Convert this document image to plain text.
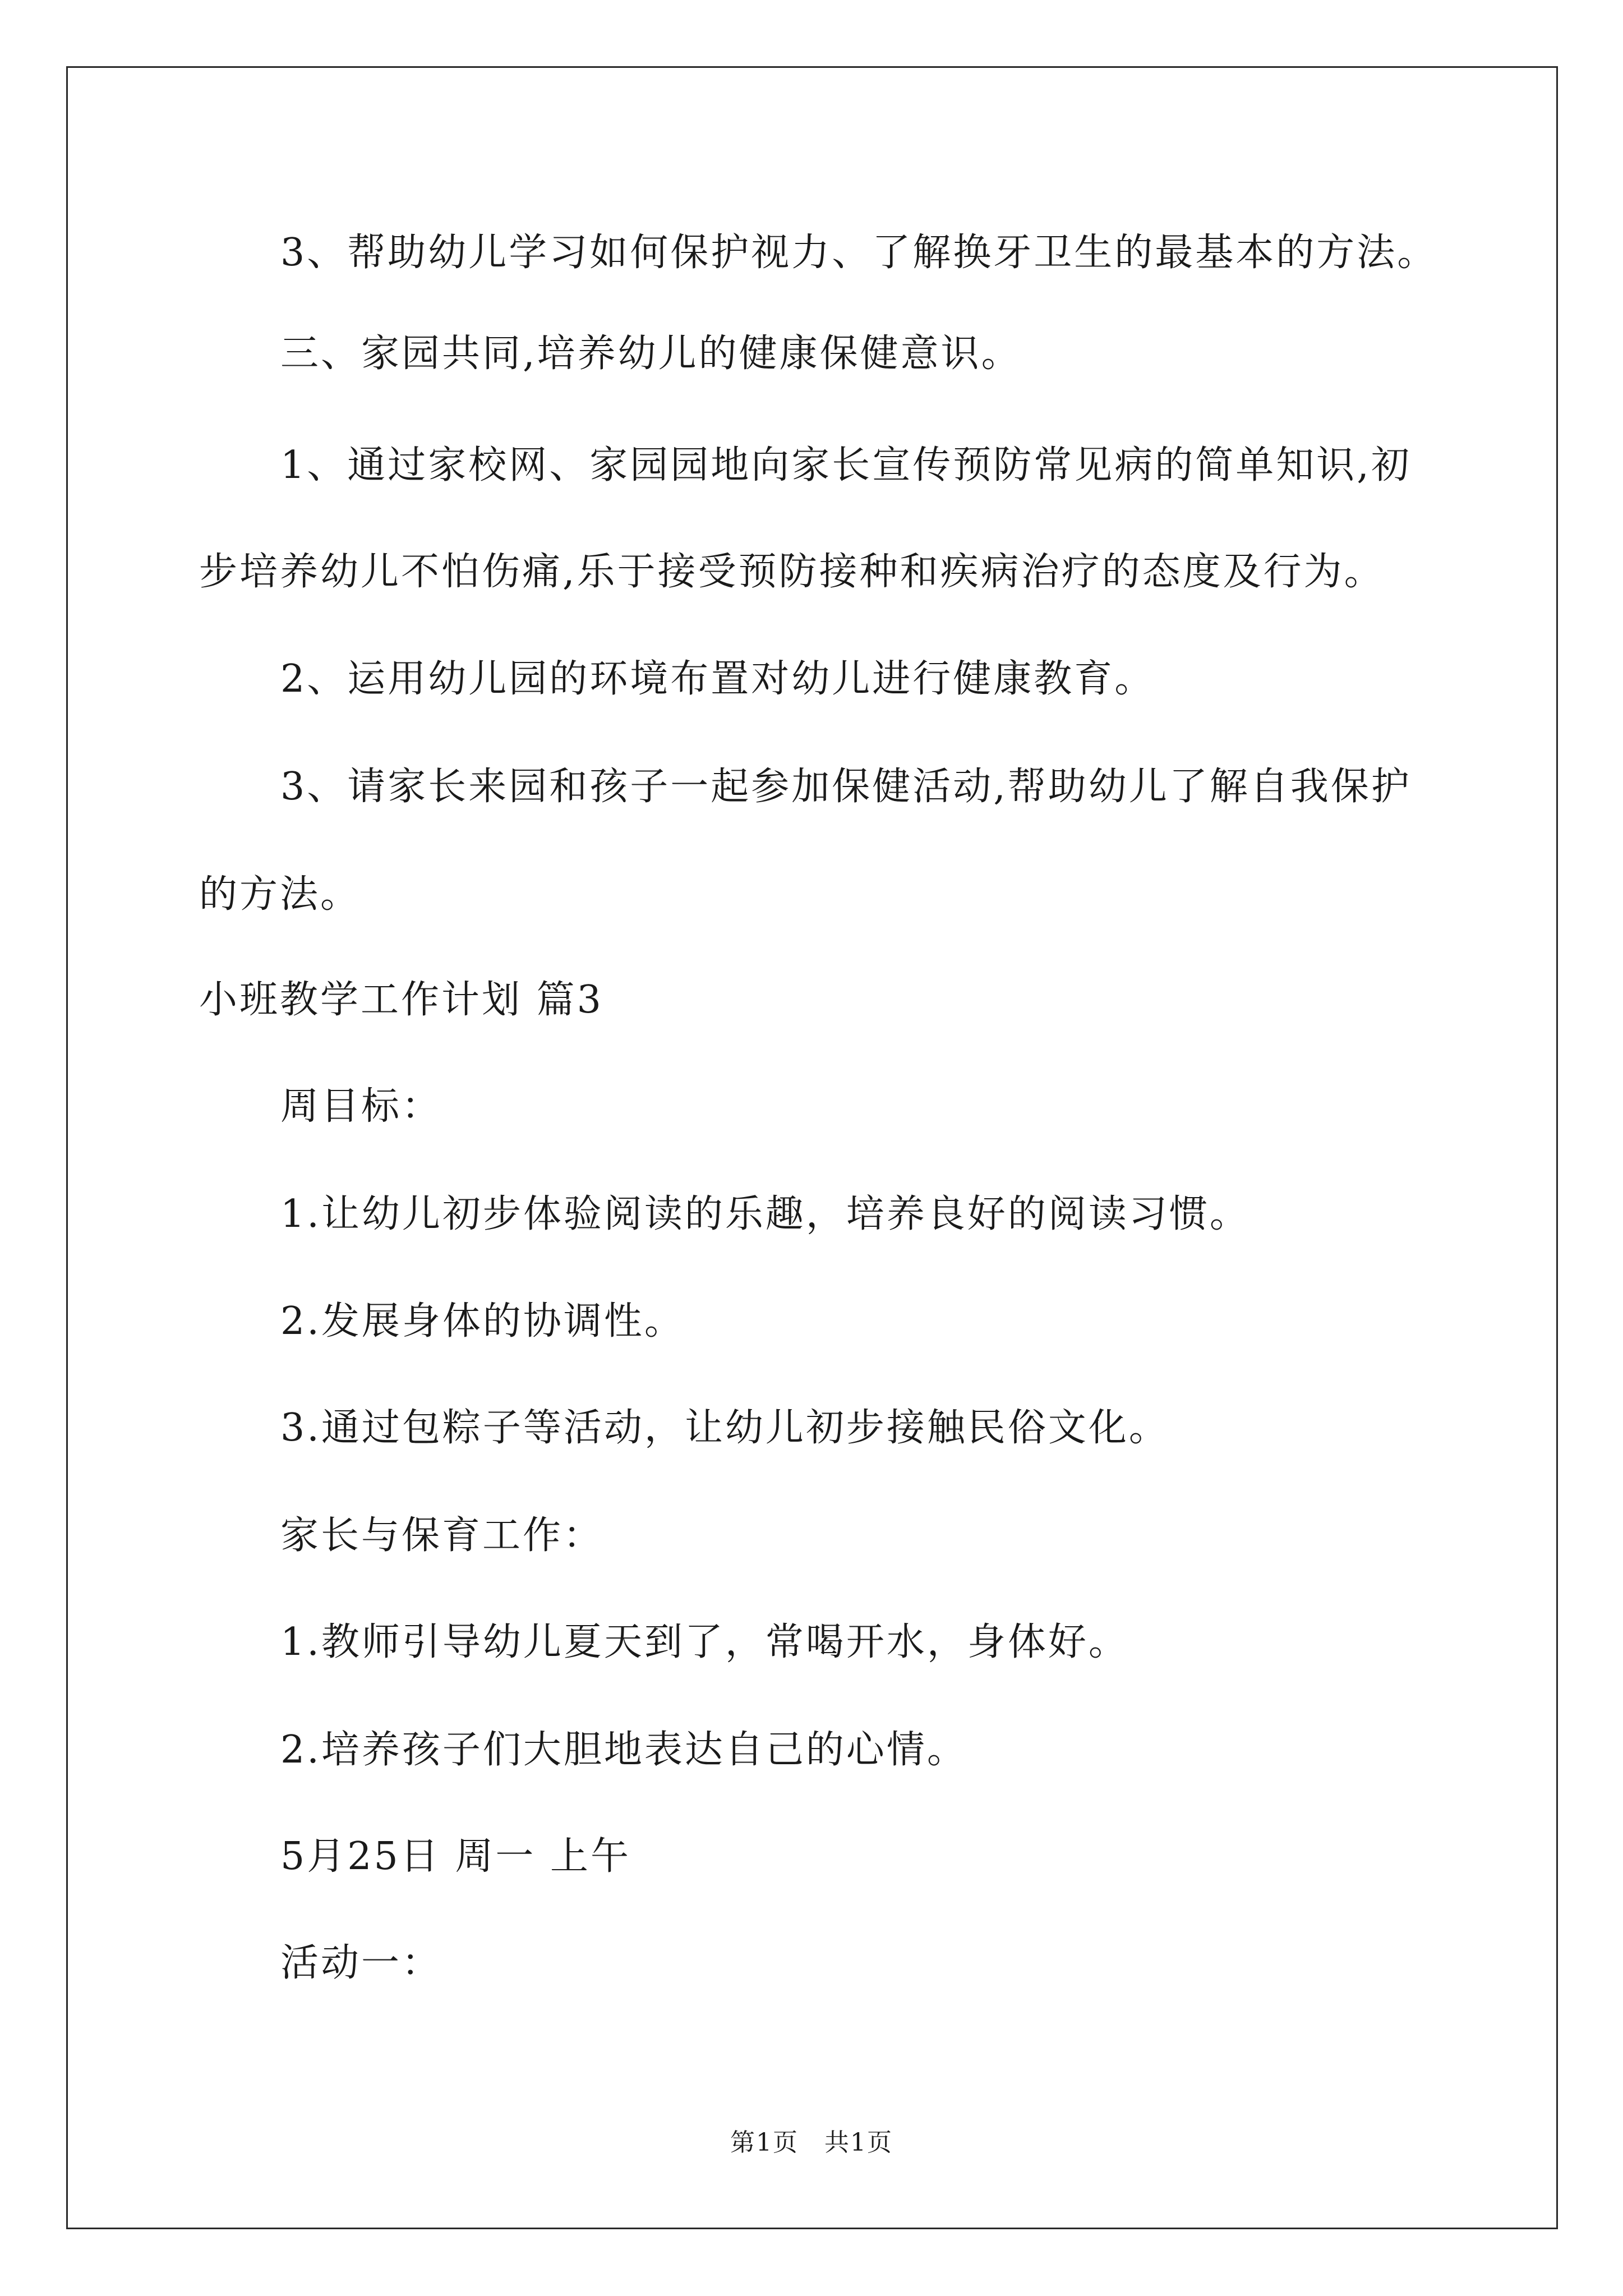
3、帮助幼儿学习如何保护视力、了解换牙卫生的最基本的方法。

三、家园共同,培养幼儿的健康保健意识。

1、通过家校网、家园园地向家长宣传预防常见病的简单知识,初

步培养幼儿不怕伤痛,乐于接受预防接种和疾病治疗的态度及行为。

2、运用幼儿园的环境布置对幼儿进行健康教育。

3、请家长来园和孩子一起参加保健活动,帮助幼儿了解自我保护

的方法。

小班教学工作计划 篇3

周目标：

1.让幼儿初步体验阅读的乐趣，培养良好的阅读习惯。

2.发展身体的协调性。

3.通过包粽子等活动，让幼儿初步接触民俗文化。

家长与保育工作：

1.教师引导幼儿夏天到了，常喝开水，身体好。

2.培养孩子们大胆地表达自己的心情。

5月25日 周一 上午

活动一：

第1页　共1页
